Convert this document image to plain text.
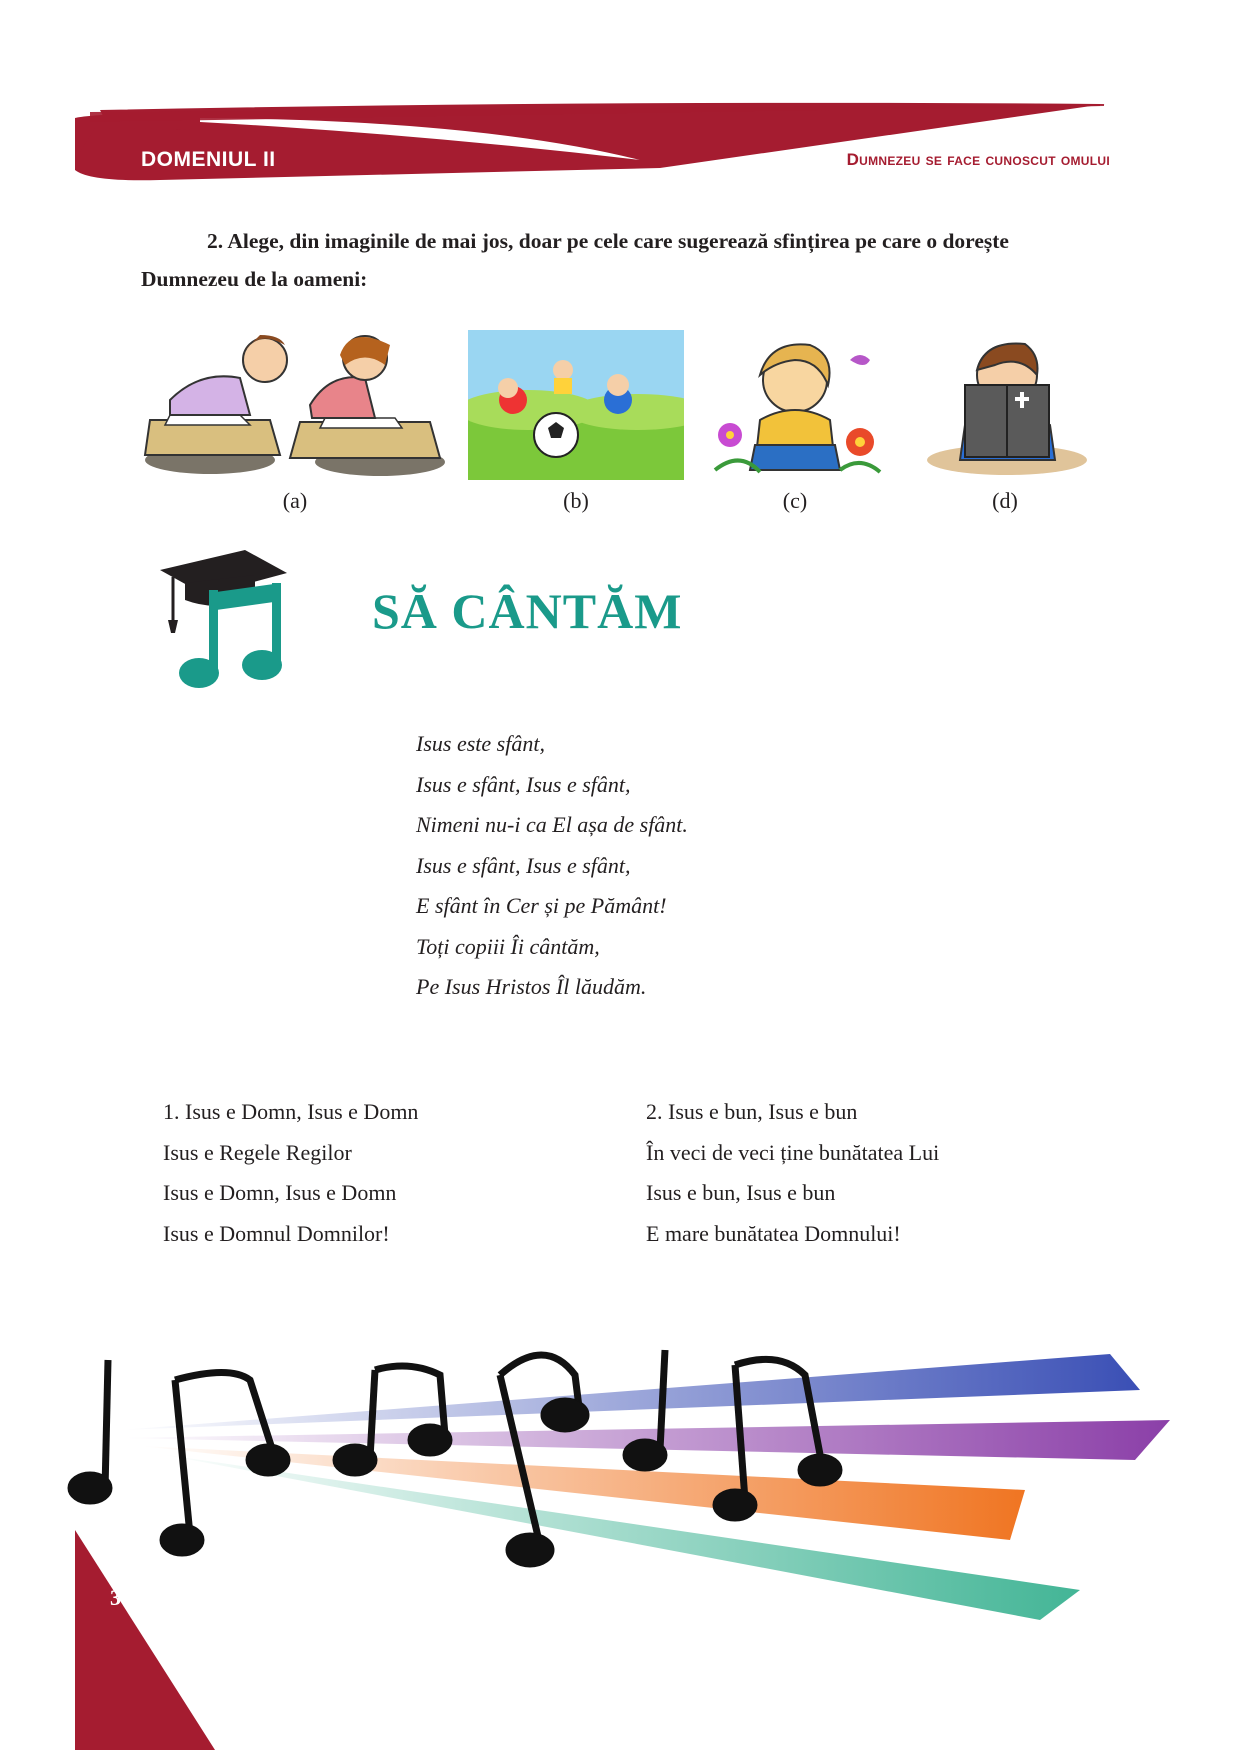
DOMENIUL II	Dumnezeu se face cunoscut omului
2. Alege, din imaginile de mai jos, doar pe cele care sugerează sfințirea pe care o dorește Dumnezeu de la oameni:
(a)	(b)	(c)	(d)
SĂ CÂNTĂM
Isus este sfânt,
Isus e sfânt, Isus e sfânt,
Nimeni nu-i ca El așa de sfânt.
Isus e sfânt, Isus e sfânt,
E sfânt în Cer și pe Pământ!
Toți copiii Îi cântăm,
Pe Isus Hristos Îl lăudăm.
1. Isus e Domn, Isus e Domn
Isus e Regele Regilor
Isus e Domn, Isus e Domn
Isus e Domnul Domnilor!
2. Isus e bun, Isus e bun
În veci de veci ține bunătatea Lui
Isus e bun, Isus e bun
E mare bunătatea Domnului!
38
